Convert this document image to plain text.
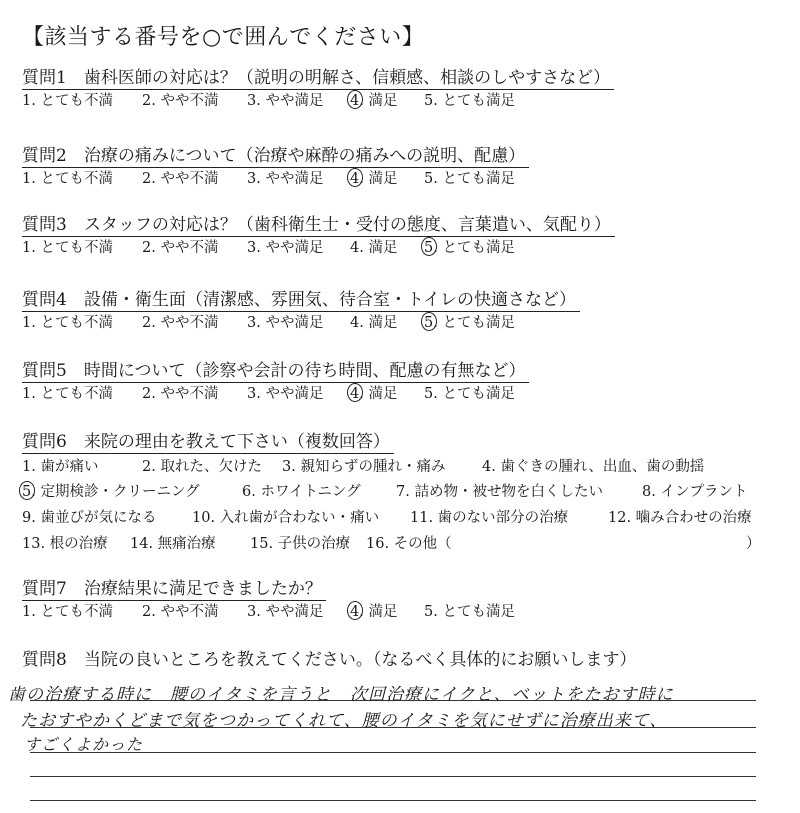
【該当する番号を○で囲んでください】
質問1　歯科医師の対応は？（説明の明解さ、信頼感、相談のしやすさなど）
1. とても不満 2. やや不満 3. やや満足 4. 満足 5. とても満足
質問2　治療の痛みについて（治療や麻酔の痛みへの説明、配慮）
1. とても不満 2. やや不満 3. やや満足 4. 満足 5. とても満足
質問3　スタッフの対応は？（歯科衛生士・受付の態度、言葉遣い、気配り）
1. とても不満 2. やや不満 3. やや満足 4. 満足 5. とても満足
質問4　設備・衛生面（清潔感、雰囲気、待合室・トイレの快適さなど）
1. とても不満 2. やや不満 3. やや満足 4. 満足 5. とても満足
質問5　時間について（診察や会計の待ち時間、配慮の有無など）
1. とても不満 2. やや不満 3. やや満足 4. 満足 5. とても満足
質問6　来院の理由を教えて下さい（複数回答）
1. 歯が痛い	2. 取れた、欠けた 3. 親知らずの腫れ・痛み	4. 歯ぐきの腫れ、出血、歯の動揺
5. 定期検診・クリーニング	6. ホワイトニング 7. 詰め物・被せ物を白くしたい	8. インプラント
9. 歯並びが気になる 10. 入れ歯が合わない・痛い 11. 歯のない部分の治療	12. 噛み合わせの治療
13. 根の治療 14. 無痛治療 15. 子供の治療 16. その他（	）
質問7　治療結果に満足できましたか？
1. とても不満 2. やや不満 3. やや満足 4. 満足 5. とても満足
質問8　当院の良いところを教えてください。（なるべく具体的にお願いします）
歯の治療する時に　腰のイタミを言うと　次回治療にイクと、ベットをたおす時に
たおすやかくどまで気をつかってくれて、腰のイタミを気にせずに治療出来て、
すごくよかった
